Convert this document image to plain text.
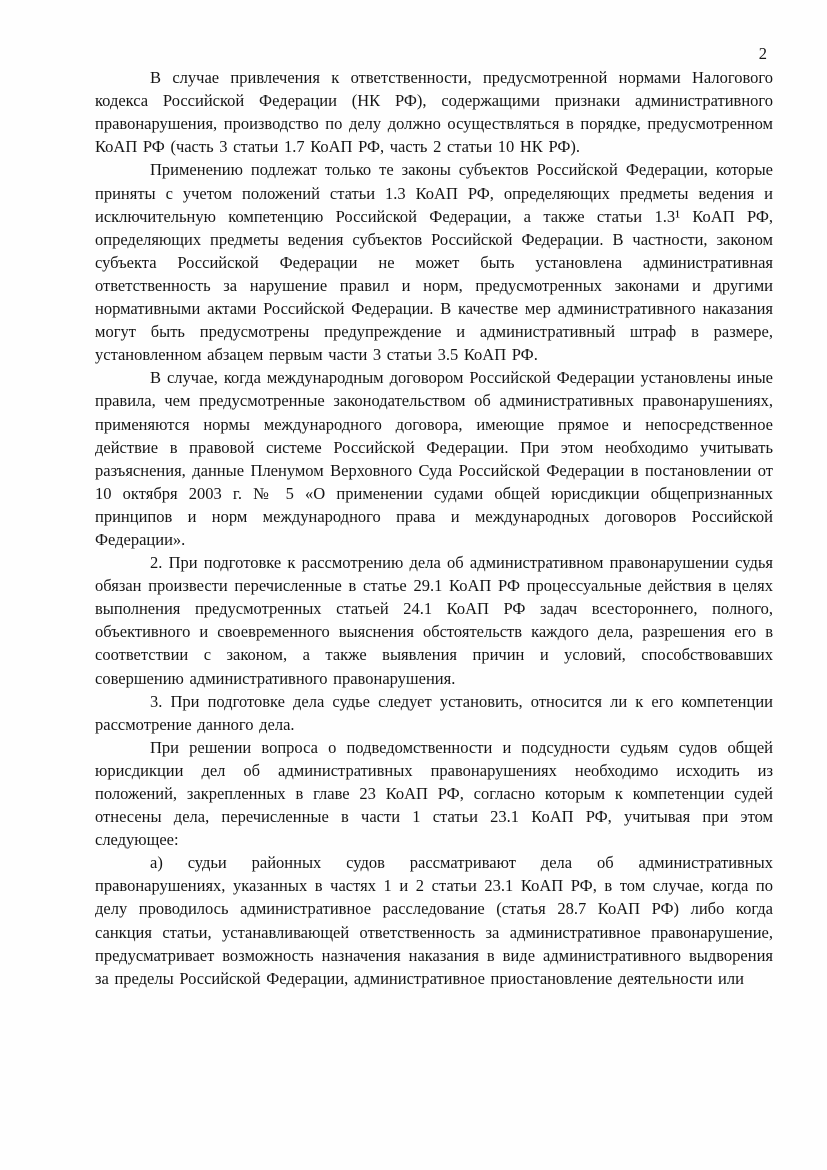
2

В случае привлечения к ответственности, предусмотренной нормами Налогового кодекса Российской Федерации (НК РФ), содержащими признаки административного правонарушения, производство по делу должно осуществляться в порядке, предусмотренном КоАП РФ (часть 3 статьи 1.7 КоАП РФ, часть 2 статьи 10 НК РФ).

Применению подлежат только те законы субъектов Российской Федерации, которые приняты с учетом положений статьи 1.3 КоАП РФ, определяющих предметы ведения и исключительную компетенцию Российской Федерации, а также статьи 1.3¹ КоАП РФ, определяющих предметы ведения субъектов Российской Федерации. В частности, законом субъекта Российской Федерации не может быть установлена административная ответственность за нарушение правил и норм, предусмотренных законами и другими нормативными актами Российской Федерации. В качестве мер административного наказания могут быть предусмотрены предупреждение и административный штраф в размере, установленном абзацем первым части 3 статьи 3.5 КоАП РФ.

В случае, когда международным договором Российской Федерации установлены иные правила, чем предусмотренные законодательством об административных правонарушениях, применяются нормы международного договора, имеющие прямое и непосредственное действие в правовой системе Российской Федерации. При этом необходимо учитывать разъяснения, данные Пленумом Верховного Суда Российской Федерации в постановлении от 10 октября 2003 г. № 5 «О применении судами общей юрисдикции общепризнанных принципов и норм международного права и международных договоров Российской Федерации».

2. При подготовке к рассмотрению дела об административном правонарушении судья обязан произвести перечисленные в статье 29.1 КоАП РФ процессуальные действия в целях выполнения предусмотренных статьей 24.1 КоАП РФ задач всестороннего, полного, объективного и своевременного выяснения обстоятельств каждого дела, разрешения его в соответствии с законом, а также выявления причин и условий, способствовавших совершению административного правонарушения.

3. При подготовке дела судье следует установить, относится ли к его компетенции рассмотрение данного дела.

При решении вопроса о подведомственности и подсудности судьям судов общей юрисдикции дел об административных правонарушениях необходимо исходить из положений, закрепленных в главе 23 КоАП РФ, согласно которым к компетенции судей отнесены дела, перечисленные в части 1 статьи 23.1 КоАП РФ, учитывая при этом следующее:

а) судьи районных судов рассматривают дела об административных правонарушениях, указанных в частях 1 и 2 статьи 23.1 КоАП РФ, в том случае, когда по делу проводилось административное расследование (статья 28.7 КоАП РФ) либо когда санкция статьи, устанавливающей ответственность за административное правонарушение, предусматривает возможность назначения наказания в виде административного выдворения за пределы Российской Федерации, административное приостановление деятельности или
